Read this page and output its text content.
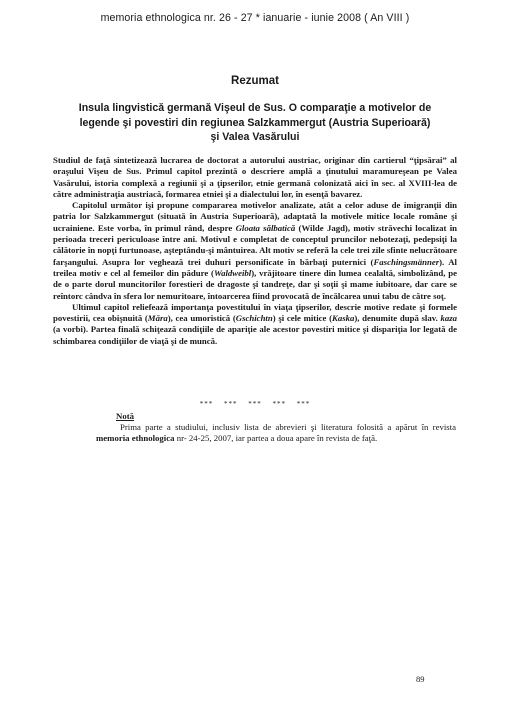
memoria ethnologica nr. 26 - 27 * ianuarie - iunie 2008 ( An VIII )
Rezumat
Insula lingvistică germană Vişeul de Sus. O comparaţie a motivelor de legende şi povestiri din regiunea Salzkammergut (Austria Superioară) şi Valea Vasărului

Studiul de faţă sintetizează lucrarea de doctorat a autorului austriac, originar din cartierul “ţipsărai” al oraşului Vişeu de Sus. Primul capitol prezintă o descriere amplă a ţinutului maramureşean pe Valea Vasărului, istoria complexă a regiunii şi a ţipserilor, etnie germană colonizată aici în sec. al XVIII-lea de către administraţia austriacă, formarea etniei şi a dialectului lor, în esenţă bavarez.

Capitolul următor işi propune compararea motivelor analizate, atât a celor aduse de imigranţii din patria lor Salzkammergut (situată în Austria Superioară), adaptată la motivele mitice locale române şi ucrainiene. Este vorba, în primul rând, despre Gloata sălbatică (Wilde Jagd), motiv străvechi localizat în perioada treceri periculoase între ani. Motivul e completat de conceptul pruncilor nebotezaţi, pedepsiţi la călătorie în nopţi furtunoase, aşteptându-şi mântuirea. Alt motiv se referă la cele trei zile sfinte nelucrătoare farşangului. Asupra lor veghează trei duhuri personificate în bărbaţi puternici (Faschingsmänner). Al treilea motiv e cel al femeilor din pădure (Waldweibl), vrăjitoare tinere din lumea cealaltă, simbolizând, pe de o parte dorul muncitorilor forestieri de dragoste şi tandreţe, dar şi soţii şi mame iubitoare, dar care se reîntorc cândva în sfera lor nemuritoare, întoarcerea fiind provocată de încălcarea unui tabu de către soţ.

Ultimul capitol reliefează importanţa povestitului în viaţa ţipserilor, descrie motive redate şi formele povestirii, cea obişnuită (Māra), cea umoristică (Gschichtn) şi cele mitice (Kaska), denumite după slav. kaza (a vorbi). Partea finală schiţează condiţiile de apariţie ale acestor povestiri mitice şi dispariţia lor legată de schimbarea condiţiilor de viaţă şi de muncă.

*** *** *** *** ***
Notă
Prima parte a studiului, inclusiv lista de abrevieri şi literatura folosită a apărut în revista memoria ethnologica nr- 24-25, 2007, iar partea a doua apare în revista de faţă.
89
